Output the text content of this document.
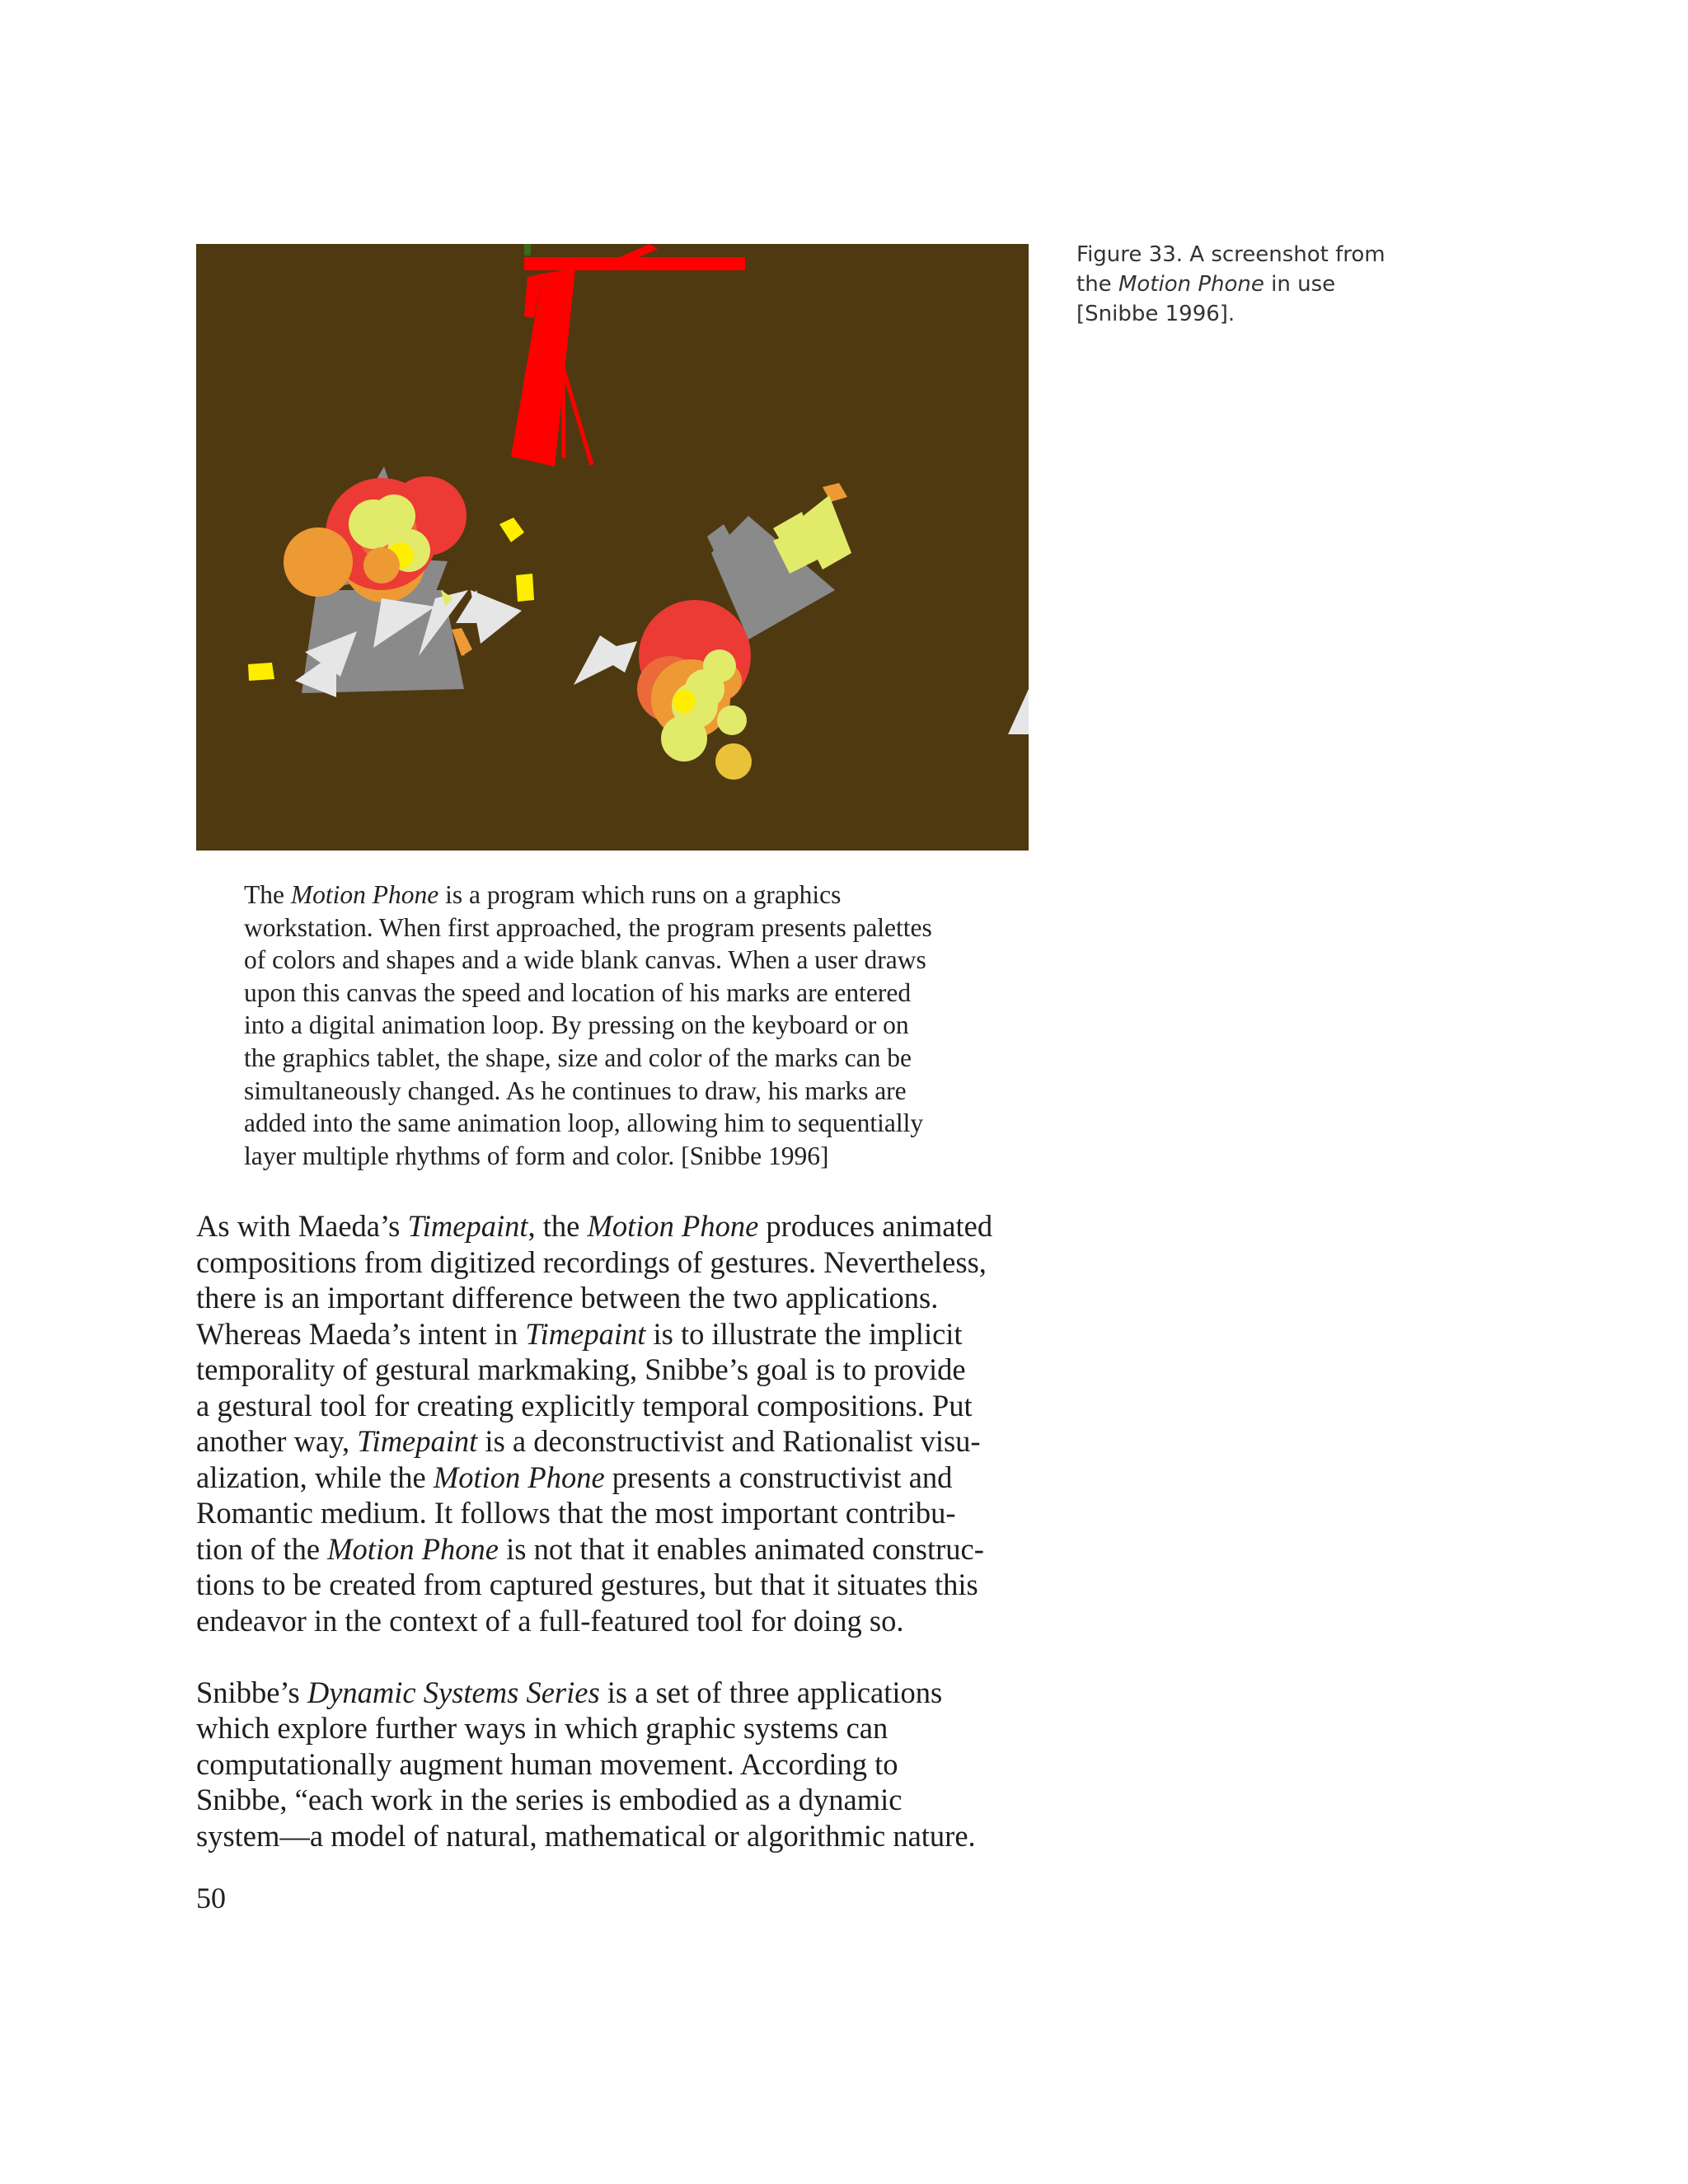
Figure 33. A screenshot from
the Motion Phone in use
[Snibbe 1996].
The Motion Phone is a program which runs on a graphics
workstation. When first approached, the program presents palettes
of colors and shapes and a wide blank canvas. When a user draws
upon this canvas the speed and location of his marks are entered
into a digital animation loop. By pressing on the keyboard or on
the graphics tablet, the shape, size and color of the marks can be
simultaneously changed. As he continues to draw, his marks are
added into the same animation loop, allowing him to sequentially
layer multiple rhythms of form and color. [Snibbe 1996]
As with Maeda’s Timepaint, the Motion Phone produces animated
compositions from digitized recordings of gestures. Nevertheless,
there is an important difference between the two applications.
Whereas Maeda’s intent in Timepaint is to illustrate the implicit
temporality of gestural markmaking, Snibbe’s goal is to provide
a gestural tool for creating explicitly temporal compositions. Put
another way, Timepaint is a deconstructivist and Rationalist visu-
alization, while the Motion Phone presents a constructivist and
Romantic medium. It follows that the most important contribu-
tion of the Motion Phone is not that it enables animated construc-
tions to be created from captured gestures, but that it situates this
endeavor in the context of a full-featured tool for doing so.
Snibbe’s Dynamic Systems Series is a set of three applications
which explore further ways in which graphic systems can
computationally augment human movement. According to
Snibbe, “each work in the series is embodied as a dynamic
system—a model of natural, mathematical or algorithmic nature.
50
